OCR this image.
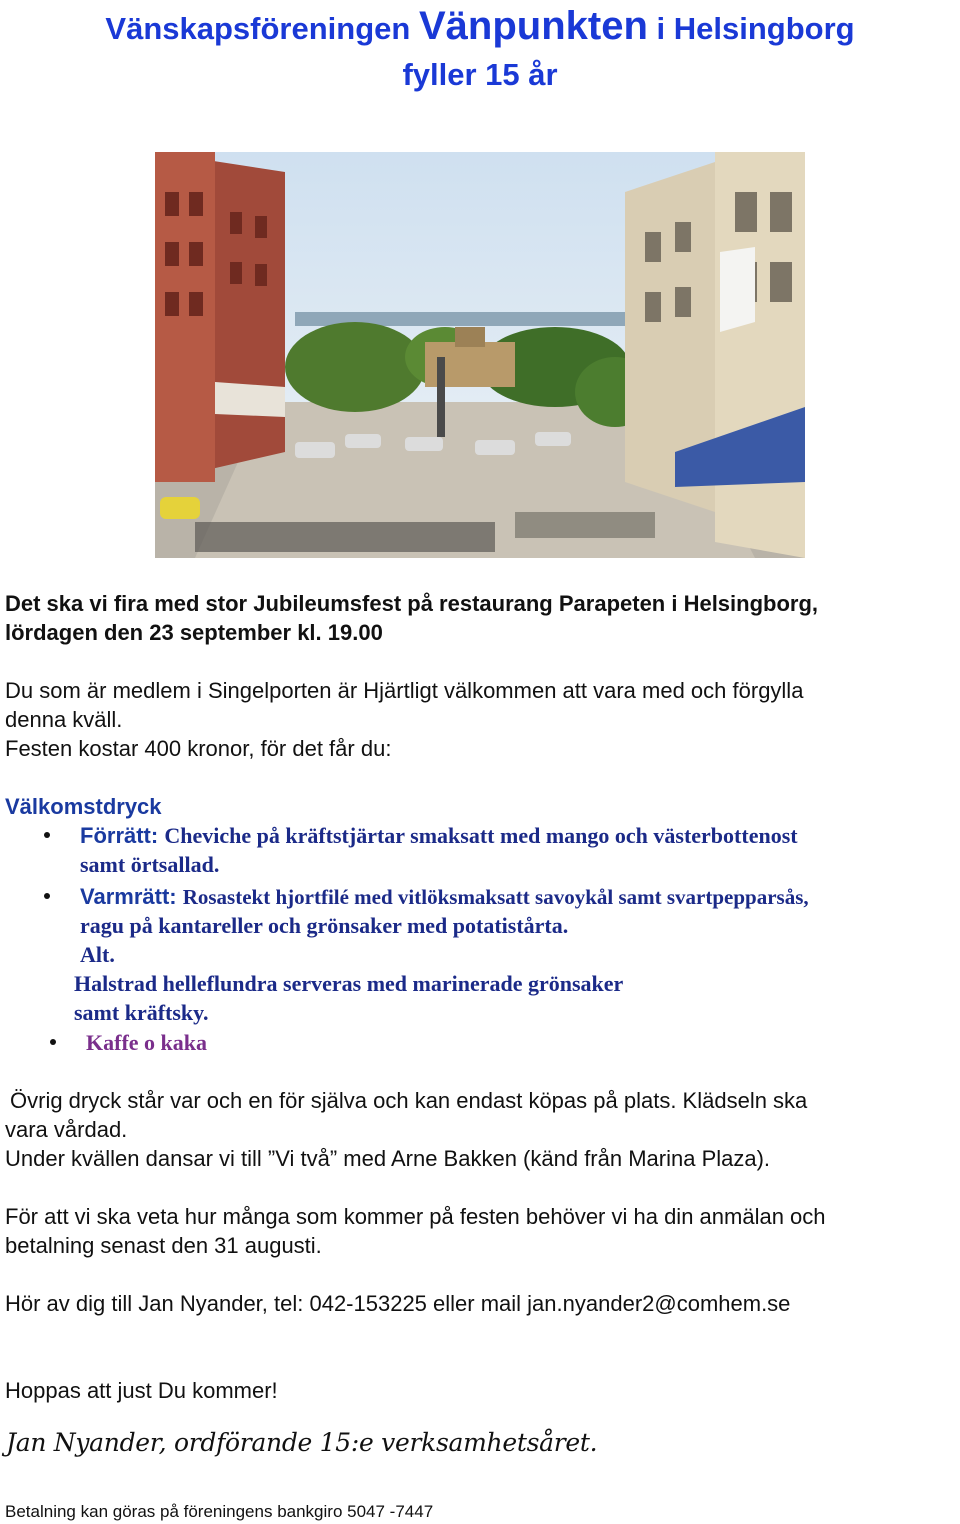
Vänskapsföreningen Vänpunkten i Helsingborg
fyller 15 år

Det ska vi fira med stor Jubileumsfest på restaurang Parapeten i Helsingborg,

lördagen den 23 september kl. 19.00

Du som är medlem i Singelporten är Hjärtligt välkommen att vara med och förgylla

denna kväll.

Festen kostar 400 kronor, för det får du:

Välkomstdryck

Förrätt: Cheviche på kräftstjärtar smaksatt med mango och västerbottenost

samt örtsallad.

Varmrätt: Rosastekt hjortfilé med vitlöksmaksatt savoykål samt svartpepparsås,

ragu på kantareller och grönsaker med potatistårta.

Alt.

Halstrad helleflundra serveras med marinerade grönsaker

samt kräftsky.

Kaffe o kaka

Övrig dryck står var och en för själva och kan endast köpas på plats. Klädseln ska

vara vårdad.

Under kvällen dansar vi till ”Vi två” med Arne Bakken (känd från Marina Plaza).

För att vi ska veta hur många som kommer på festen behöver vi ha din anmälan och

betalning senast den 31 augusti.

Hör av dig till Jan Nyander, tel: 042-153225 eller mail jan.nyander2@comhem.se

Hoppas att just Du kommer!

Jan Nyander, ordförande 15:e verksamhetsåret.
Betalning kan göras på föreningens bankgiro 5047 -7447
